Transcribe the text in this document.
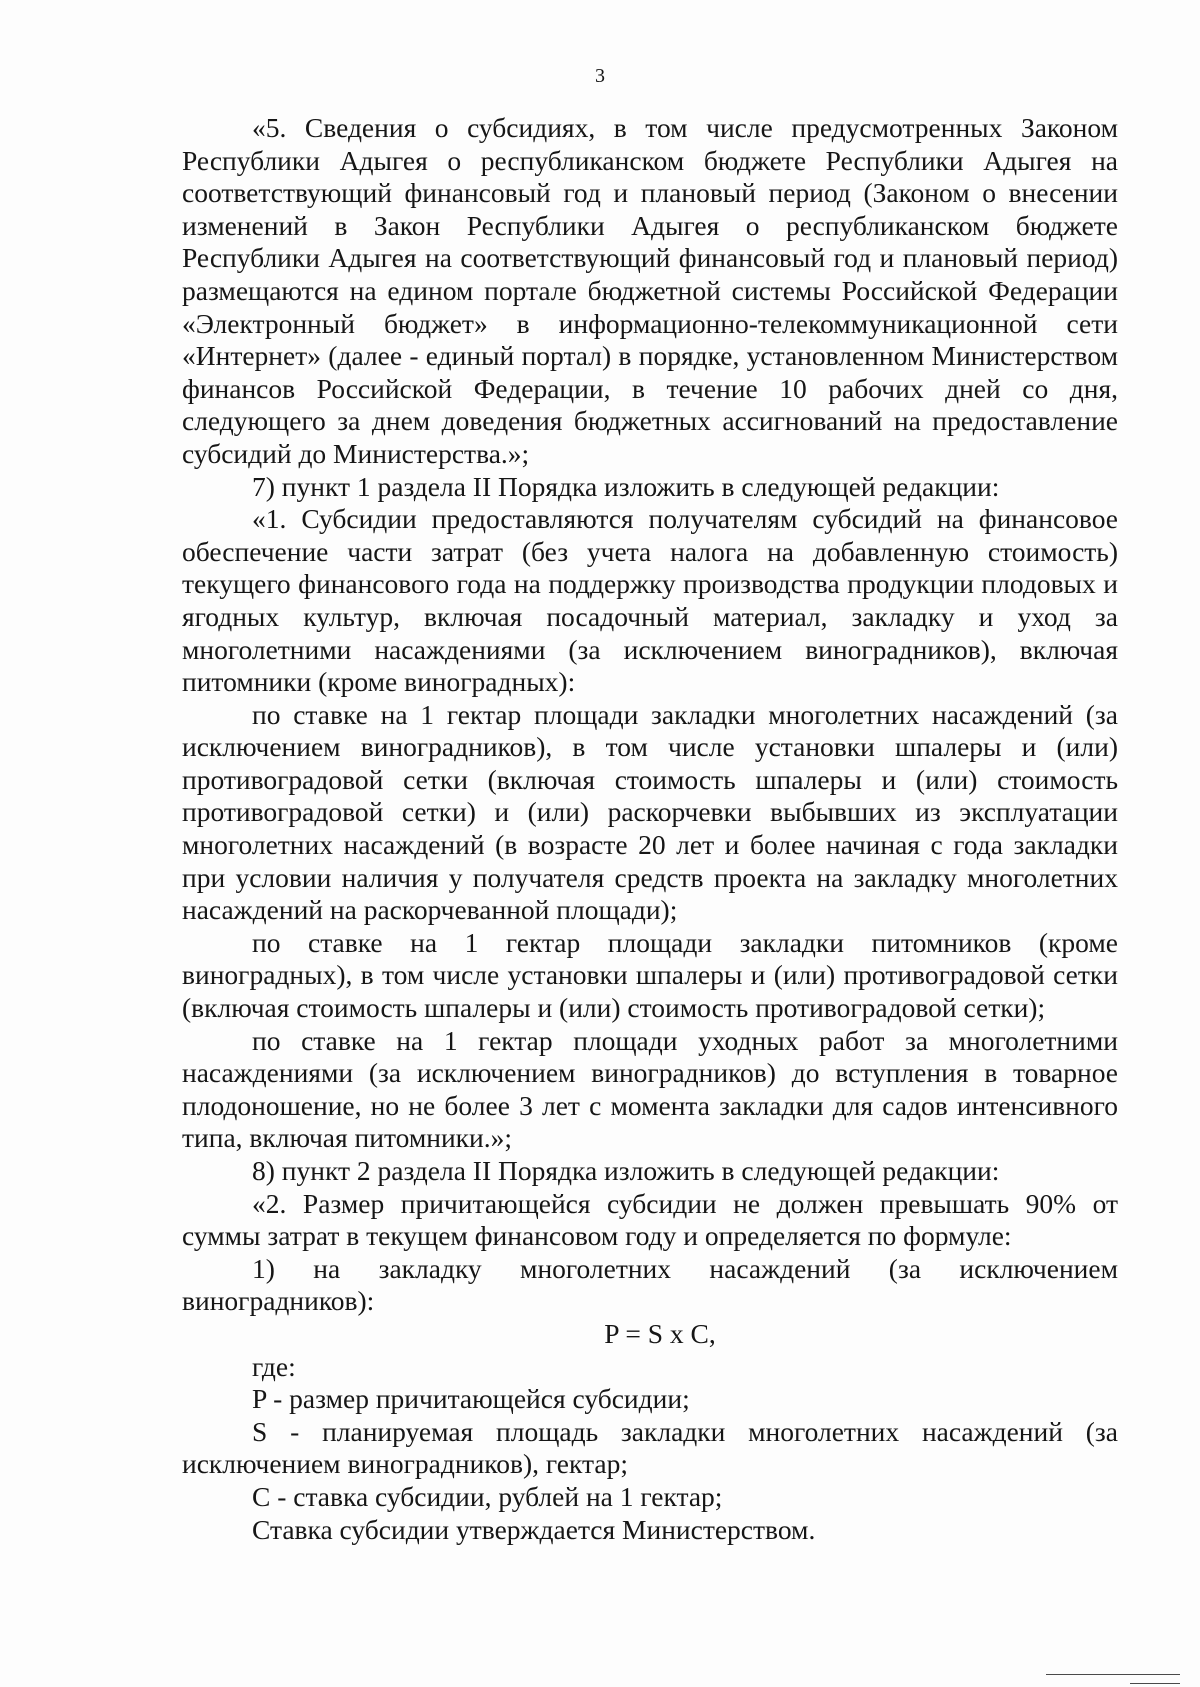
3

«5. Сведения о субсидиях, в том числе предусмотренных Законом Республики Адыгея о республиканском бюджете Республики Адыгея на соответствующий финансовый год и плановый период (Законом о внесении изменений в Закон Республики Адыгея о республиканском бюджете Республики Адыгея на соответствующий финансовый год и плановый период) размещаются на едином портале бюджетной системы Российской Федерации «Электронный бюджет» в информационно-телекоммуникационной сети «Интернет» (далее - единый портал) в порядке, установленном Министерством финансов Российской Федерации, в течение 10 рабочих дней со дня, следующего за днем доведения бюджетных ассигнований на предоставление субсидий до Министерства.»;

7) пункт 1 раздела II Порядка изложить в следующей редакции:

«1. Субсидии предоставляются получателям субсидий на финансовое обеспечение части затрат (без учета налога на добавленную стоимость) текущего финансового года на поддержку производства продукции плодовых и ягодных культур, включая посадочный материал, закладку и уход за многолетними насаждениями (за исключением виноградников), включая питомники (кроме виноградных):

по ставке на 1 гектар площади закладки многолетних насаждений (за исключением виноградников), в том числе установки шпалеры и (или) противоградовой сетки (включая стоимость шпалеры и (или) стоимость противоградовой сетки) и (или) раскорчевки выбывших из эксплуатации многолетних насаждений (в возрасте 20 лет и более начиная с года закладки при условии наличия у получателя средств проекта на закладку многолетних насаждений на раскорчеванной площади);

по ставке на 1 гектар площади закладки питомников (кроме виноградных), в том числе установки шпалеры и (или) противоградовой сетки (включая стоимость шпалеры и (или) стоимость противоградовой сетки);

по ставке на 1 гектар площади уходных работ за многолетними насаждениями (за исключением виноградников) до вступления в товарное плодоношение, но не более 3 лет с момента закладки для садов интенсивного типа, включая питомники.»;

8) пункт 2 раздела II Порядка изложить в следующей редакции:

«2. Размер причитающейся субсидии не должен превышать 90% от суммы затрат в текущем финансовом году и определяется по формуле:

1) на закладку многолетних насаждений (за исключением виноградников):

P = S x C,

где:

P - размер причитающейся субсидии;

S - планируемая площадь закладки многолетних насаждений (за исключением виноградников), гектар;

C - ставка субсидии, рублей на 1 гектар;

Ставка субсидии утверждается Министерством.
